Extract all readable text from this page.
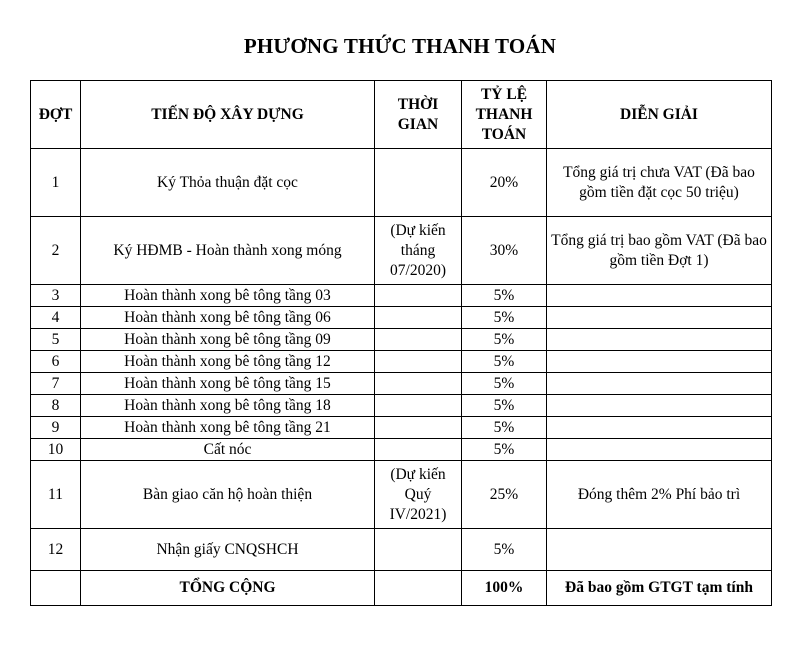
PHƯƠNG THỨC THANH TOÁN
ĐỢT	TIẾN ĐỘ XÂY DỰNG	THỜI GIAN	TỶ LỆ THANH TOÁN	DIỄN GIẢI
1	Ký Thỏa thuận đặt cọc		20%	Tổng giá trị chưa VAT (Đã bao gồm tiền đặt cọc 50 triệu)
2	Ký HĐMB - Hoàn thành xong móng	(Dự kiến tháng 07/2020)	30%	Tổng giá trị bao gồm VAT (Đã bao gồm tiền Đợt 1)
3	Hoàn thành xong bê tông tầng 03		5%	
4	Hoàn thành xong bê tông tầng 06		5%	
5	Hoàn thành xong bê tông tầng 09		5%	
6	Hoàn thành xong bê tông tầng 12		5%	
7	Hoàn thành xong bê tông tầng 15		5%	
8	Hoàn thành xong bê tông tầng 18		5%	
9	Hoàn thành xong bê tông tầng 21		5%	
10	Cất nóc		5%	
11	Bàn giao căn hộ hoàn thiện	(Dự kiến Quý IV/2021)	25%	Đóng thêm 2% Phí bảo trì
12	Nhận giấy CNQSHCH		5%	
	TỔNG CỘNG		100%	Đã bao gồm GTGT tạm tính
